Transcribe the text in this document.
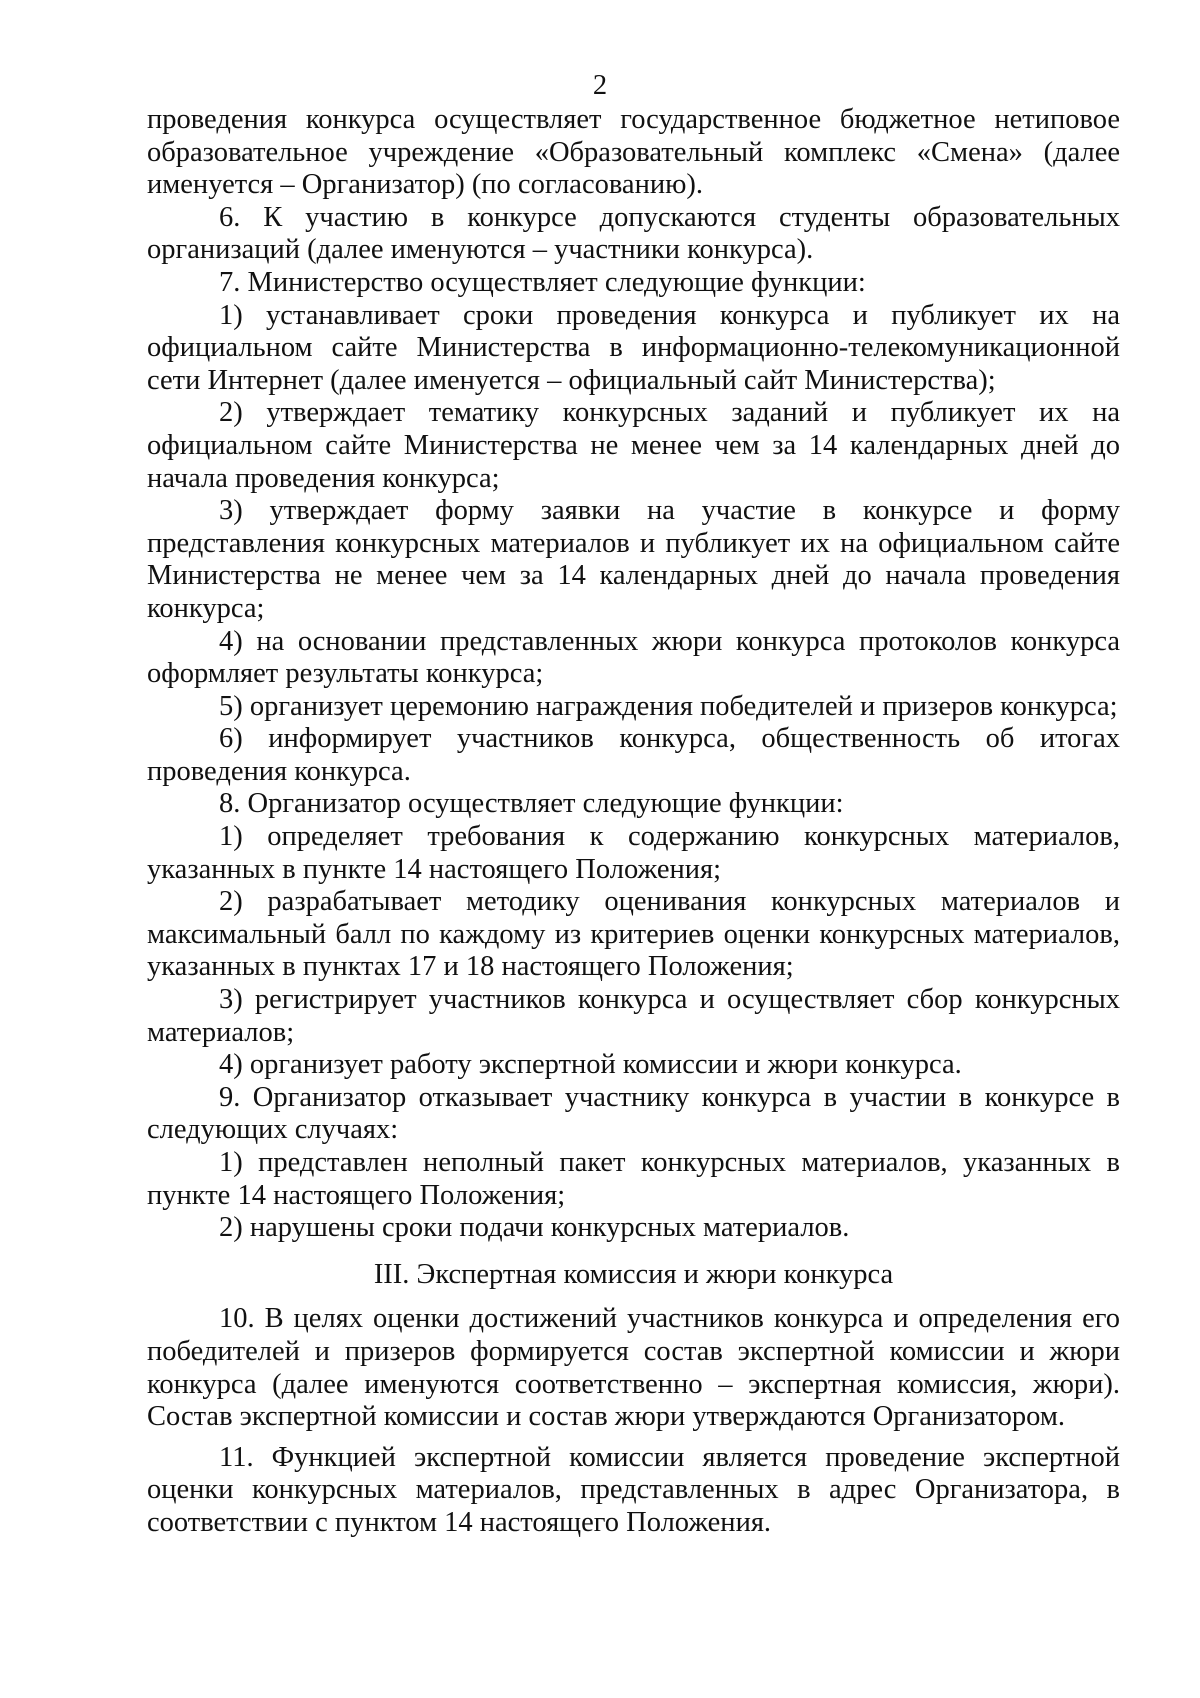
2

проведения конкурса осуществляет государственное бюджетное нетиповое образовательное учреждение «Образовательный комплекс «Смена» (далее именуется – Организатор) (по согласованию).

6. К участию в конкурсе допускаются студенты образовательных организаций (далее именуются – участники конкурса).

7. Министерство осуществляет следующие функции:

1) устанавливает сроки проведения конкурса и публикует их на официальном сайте Министерства в информационно-телекомуникационной сети Интернет (далее именуется – официальный сайт Министерства);

2) утверждает тематику конкурсных заданий и публикует их на официальном сайте Министерства не менее чем за 14 календарных дней до начала проведения конкурса;

3) утверждает форму заявки на участие в конкурсе и форму представления конкурсных материалов и публикует их на официальном сайте Министерства не менее чем за 14 календарных дней до начала проведения конкурса;

4) на основании представленных жюри конкурса протоколов конкурса оформляет результаты конкурса;

5) организует церемонию награждения победителей и призеров конкурса;

6) информирует участников конкурса, общественность об итогах проведения конкурса.

8. Организатор осуществляет следующие функции:

1) определяет требования к содержанию конкурсных материалов, указанных в пункте 14 настоящего Положения;

2) разрабатывает методику оценивания конкурсных материалов и максимальный балл по каждому из критериев оценки конкурсных материалов, указанных в пунктах 17 и 18 настоящего Положения;

3) регистрирует участников конкурса и осуществляет сбор конкурсных материалов;

4) организует работу экспертной комиссии и жюри конкурса.

9. Организатор отказывает участнику конкурса в участии в конкурсе в следующих случаях:

1) представлен неполный пакет конкурсных материалов, указанных в пункте 14 настоящего Положения;

2) нарушены сроки подачи конкурсных материалов.

III. Экспертная комиссия и жюри конкурса

10. В целях оценки достижений участников конкурса и определения его победителей и призеров формируется состав экспертной комиссии и жюри конкурса (далее именуются соответственно – экспертная комиссия, жюри). Состав экспертной комиссии и состав жюри утверждаются Организатором.

11. Функцией экспертной комиссии является проведение экспертной оценки конкурсных материалов, представленных в адрес Организатора, в соответствии с пунктом 14 настоящего Положения.
